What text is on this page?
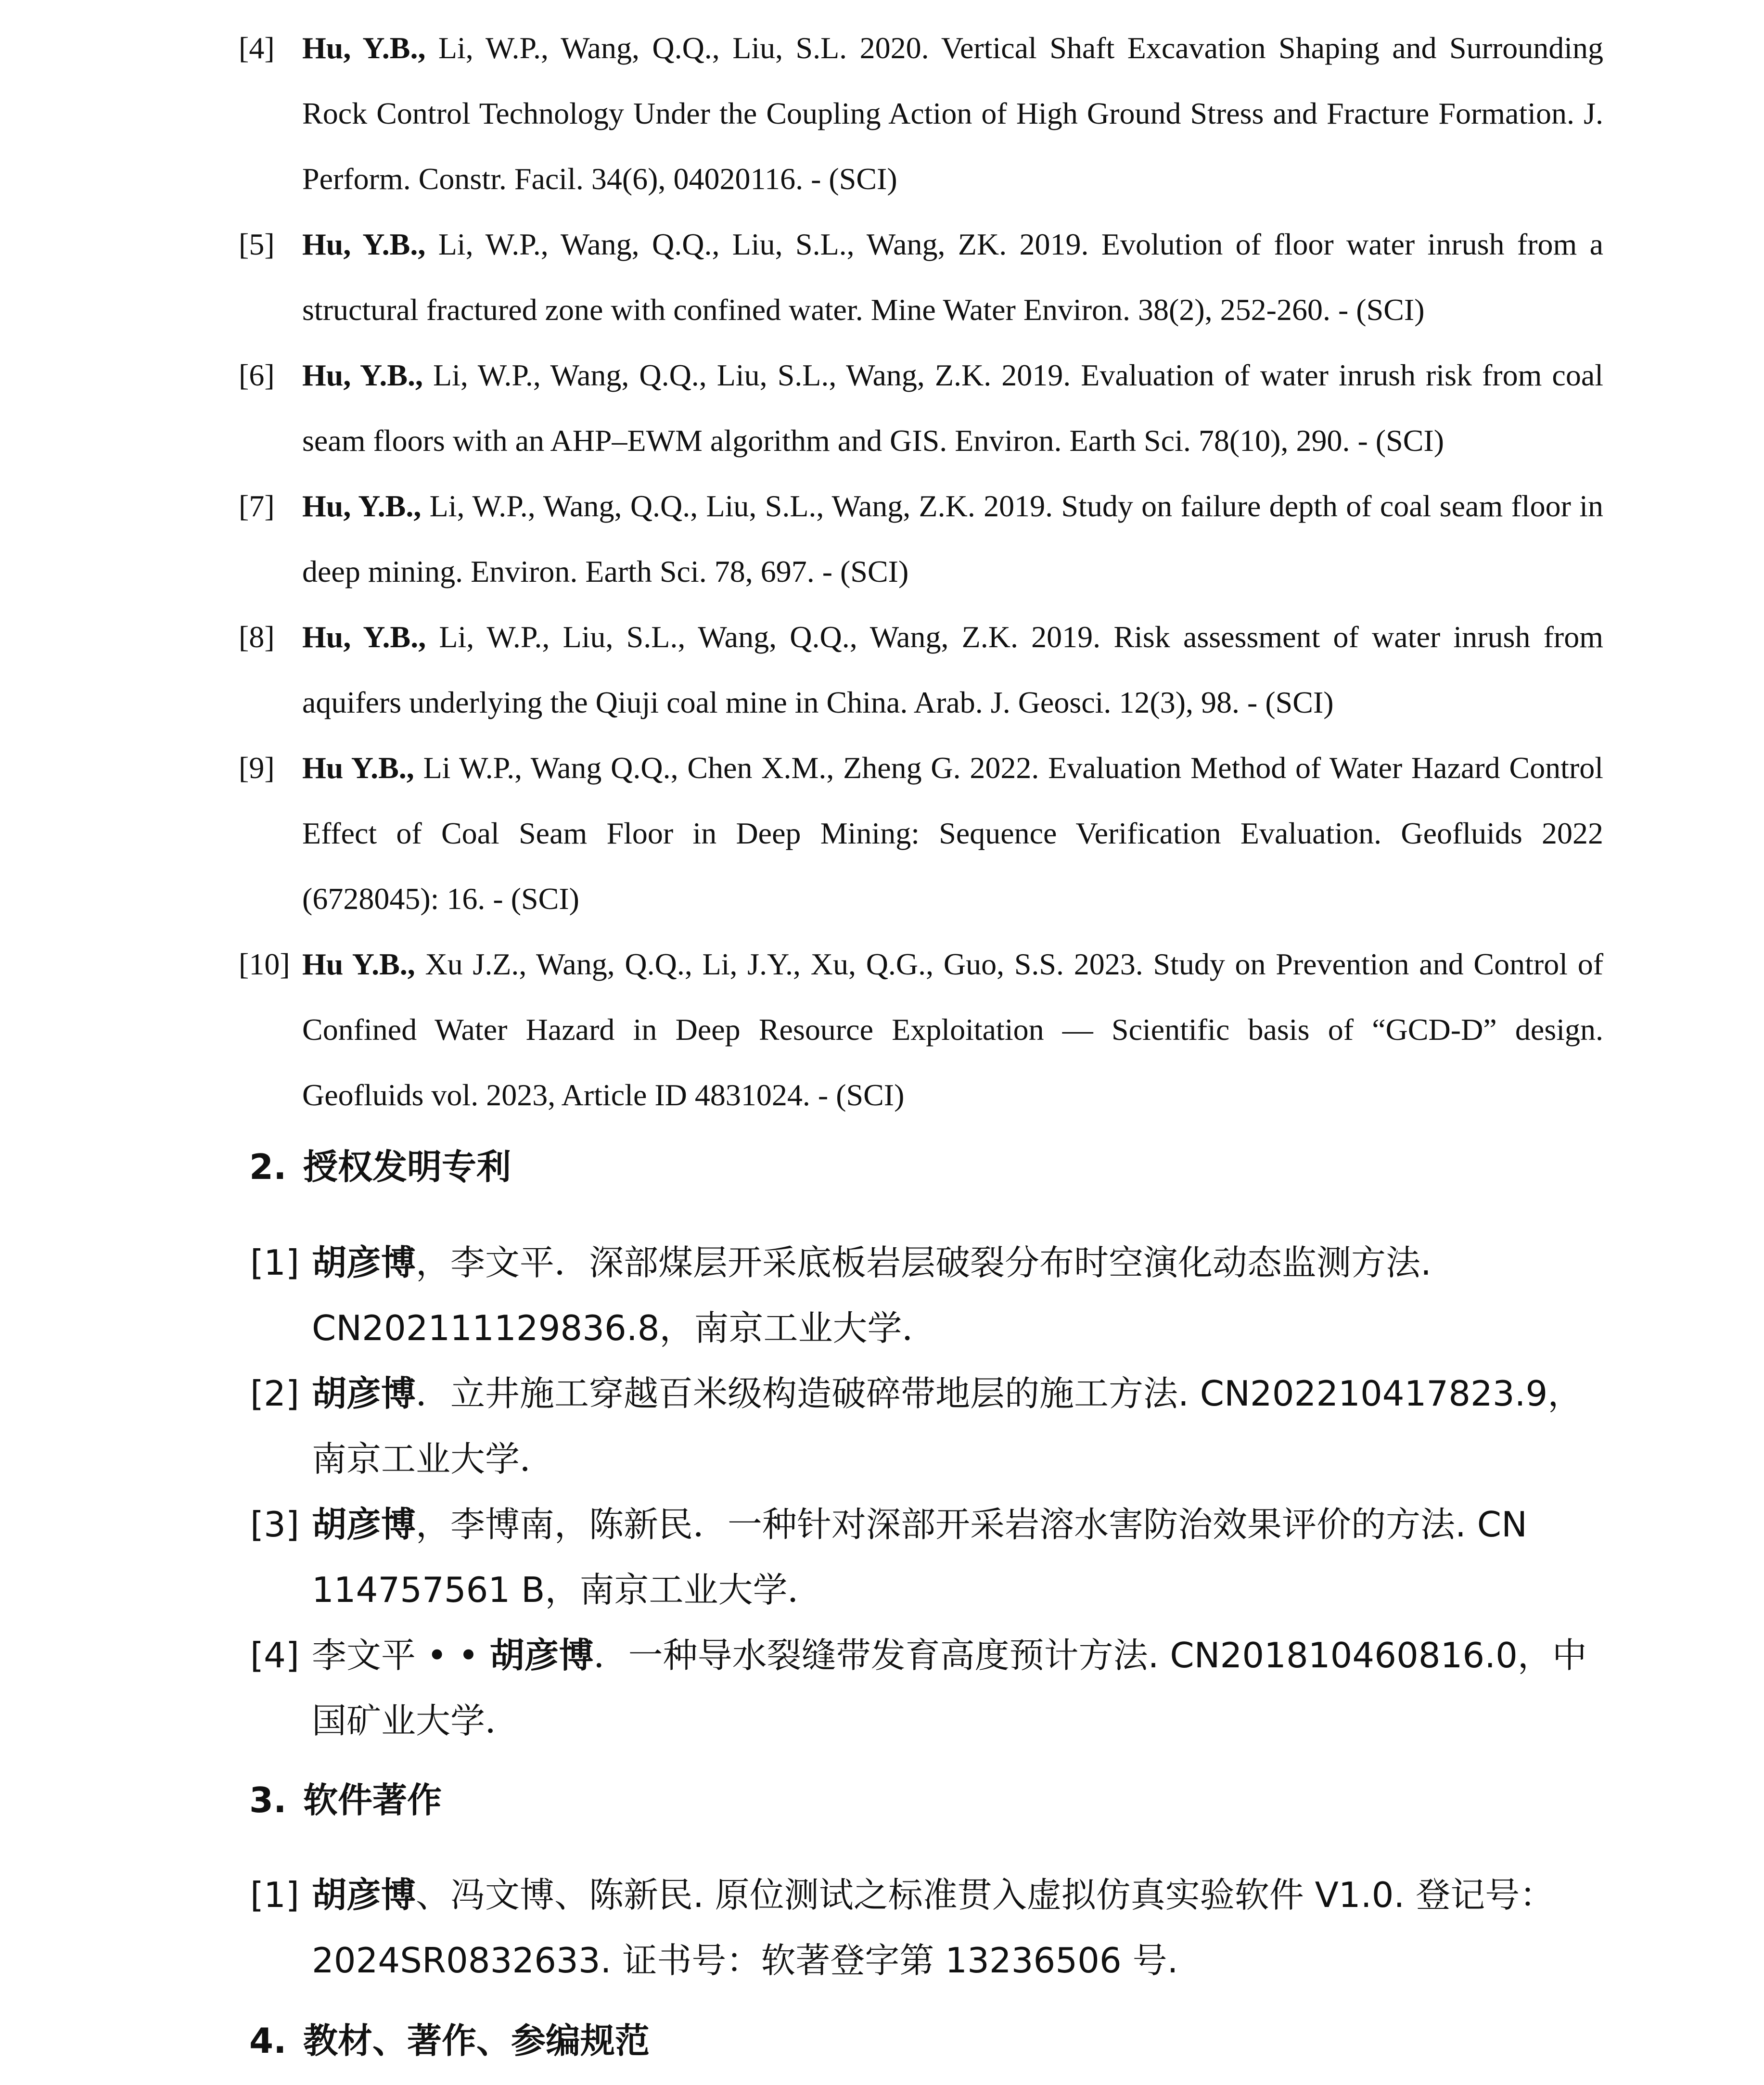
[4] Hu, Y.B., Li, W.P., Wang, Q.Q., Liu, S.L. 2020. Vertical Shaft Excavation Shaping and Surrounding Rock Control Technology Under the Coupling Action of High Ground Stress and Fracture Formation. J. Perform. Constr. Facil. 34(6), 04020116. - (SCI)
[5] Hu, Y.B., Li, W.P., Wang, Q.Q., Liu, S.L., Wang, ZK. 2019. Evolution of floor water inrush from a structural fractured zone with confined water. Mine Water Environ. 38(2), 252-260. - (SCI)
[6] Hu, Y.B., Li, W.P., Wang, Q.Q., Liu, S.L., Wang, Z.K. 2019. Evaluation of water inrush risk from coal seam floors with an AHP–EWM algorithm and GIS. Environ. Earth Sci. 78(10), 290. - (SCI)
[7] Hu, Y.B., Li, W.P., Wang, Q.Q., Liu, S.L., Wang, Z.K. 2019. Study on failure depth of coal seam floor in deep mining. Environ. Earth Sci. 78, 697. - (SCI)
[8] Hu, Y.B., Li, W.P., Liu, S.L., Wang, Q.Q., Wang, Z.K. 2019. Risk assessment of water inrush from aquifers underlying the Qiuji coal mine in China. Arab. J. Geosci. 12(3), 98. - (SCI)
[9] Hu Y.B., Li W.P., Wang Q.Q., Chen X.M., Zheng G. 2022. Evaluation Method of Water Hazard Control Effect of Coal Seam Floor in Deep Mining: Sequence Verification Evaluation. Geofluids 2022 (6728045): 16. - (SCI)
[10] Hu Y.B., Xu J.Z., Wang, Q.Q., Li, J.Y., Xu, Q.G., Guo, S.S. 2023. Study on Prevention and Control of Confined Water Hazard in Deep Resource Exploitation — Scientific basis of “GCD-D” design. Geofluids vol. 2023, Article ID 4831024. - (SCI)
2. 授权发明专利
[1] 胡彦博，李文平．深部煤层开采底板岩层破裂分布时空演化动态监测方法. CN202111129836.8，南京工业大学．
[2] 胡彦博．立井施工穿越百米级构造破碎带地层的施工方法. CN202210417823.9，南京工业大学．
[3] 胡彦博，李博南，陈新民．一种针对深部开采岩溶水害防治效果评价的方法. CN 114757561 B，南京工业大学．
[4] 李文平 • • 胡彦博．一种导水裂缝带发育高度预计方法. CN201810460816.0，中国矿业大学．
3. 软件著作
[1] 胡彦博、冯文博、陈新民. 原位测试之标准贯入虚拟仿真实验软件 V1.0. 登记号：2024SR0832633. 证书号：软著登字第 13236506 号.
4. 教材、著作、参编规范
